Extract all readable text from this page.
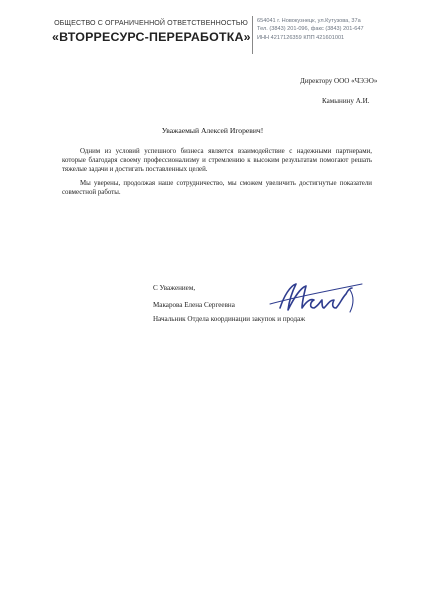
ОБЩЕСТВО С ОГРАНИЧЕННОЙ ОТВЕТСТВЕННОСТЬЮ
«ВТОРРЕСУРС-ПЕРЕРАБОТКА»
654041 г. Новокузнецк, ул.Кутузова, 37а
Тел. (3843) 201-096, факс (3843) 201-647
ИНН 4217126359 КПП 421601001
Директору ООО «ЧЭЭО»
Камынину А.И.
Уважаемый Алексей Игоревич!

Одним из условий успешного бизнеса является взаимодействие с надежными партнерами, которые благодаря своему профессионализму и стремлению к высоким результатам помогают решать тяжелые задачи и достигать поставленных целей.

Мы уверены, продолжая наше сотрудничество, мы сможем увеличить достигнутые показатели совместной работы.

С Уважением,
Макарова Елена Сергеевна
Начальник Отдела координации закупок и продаж
